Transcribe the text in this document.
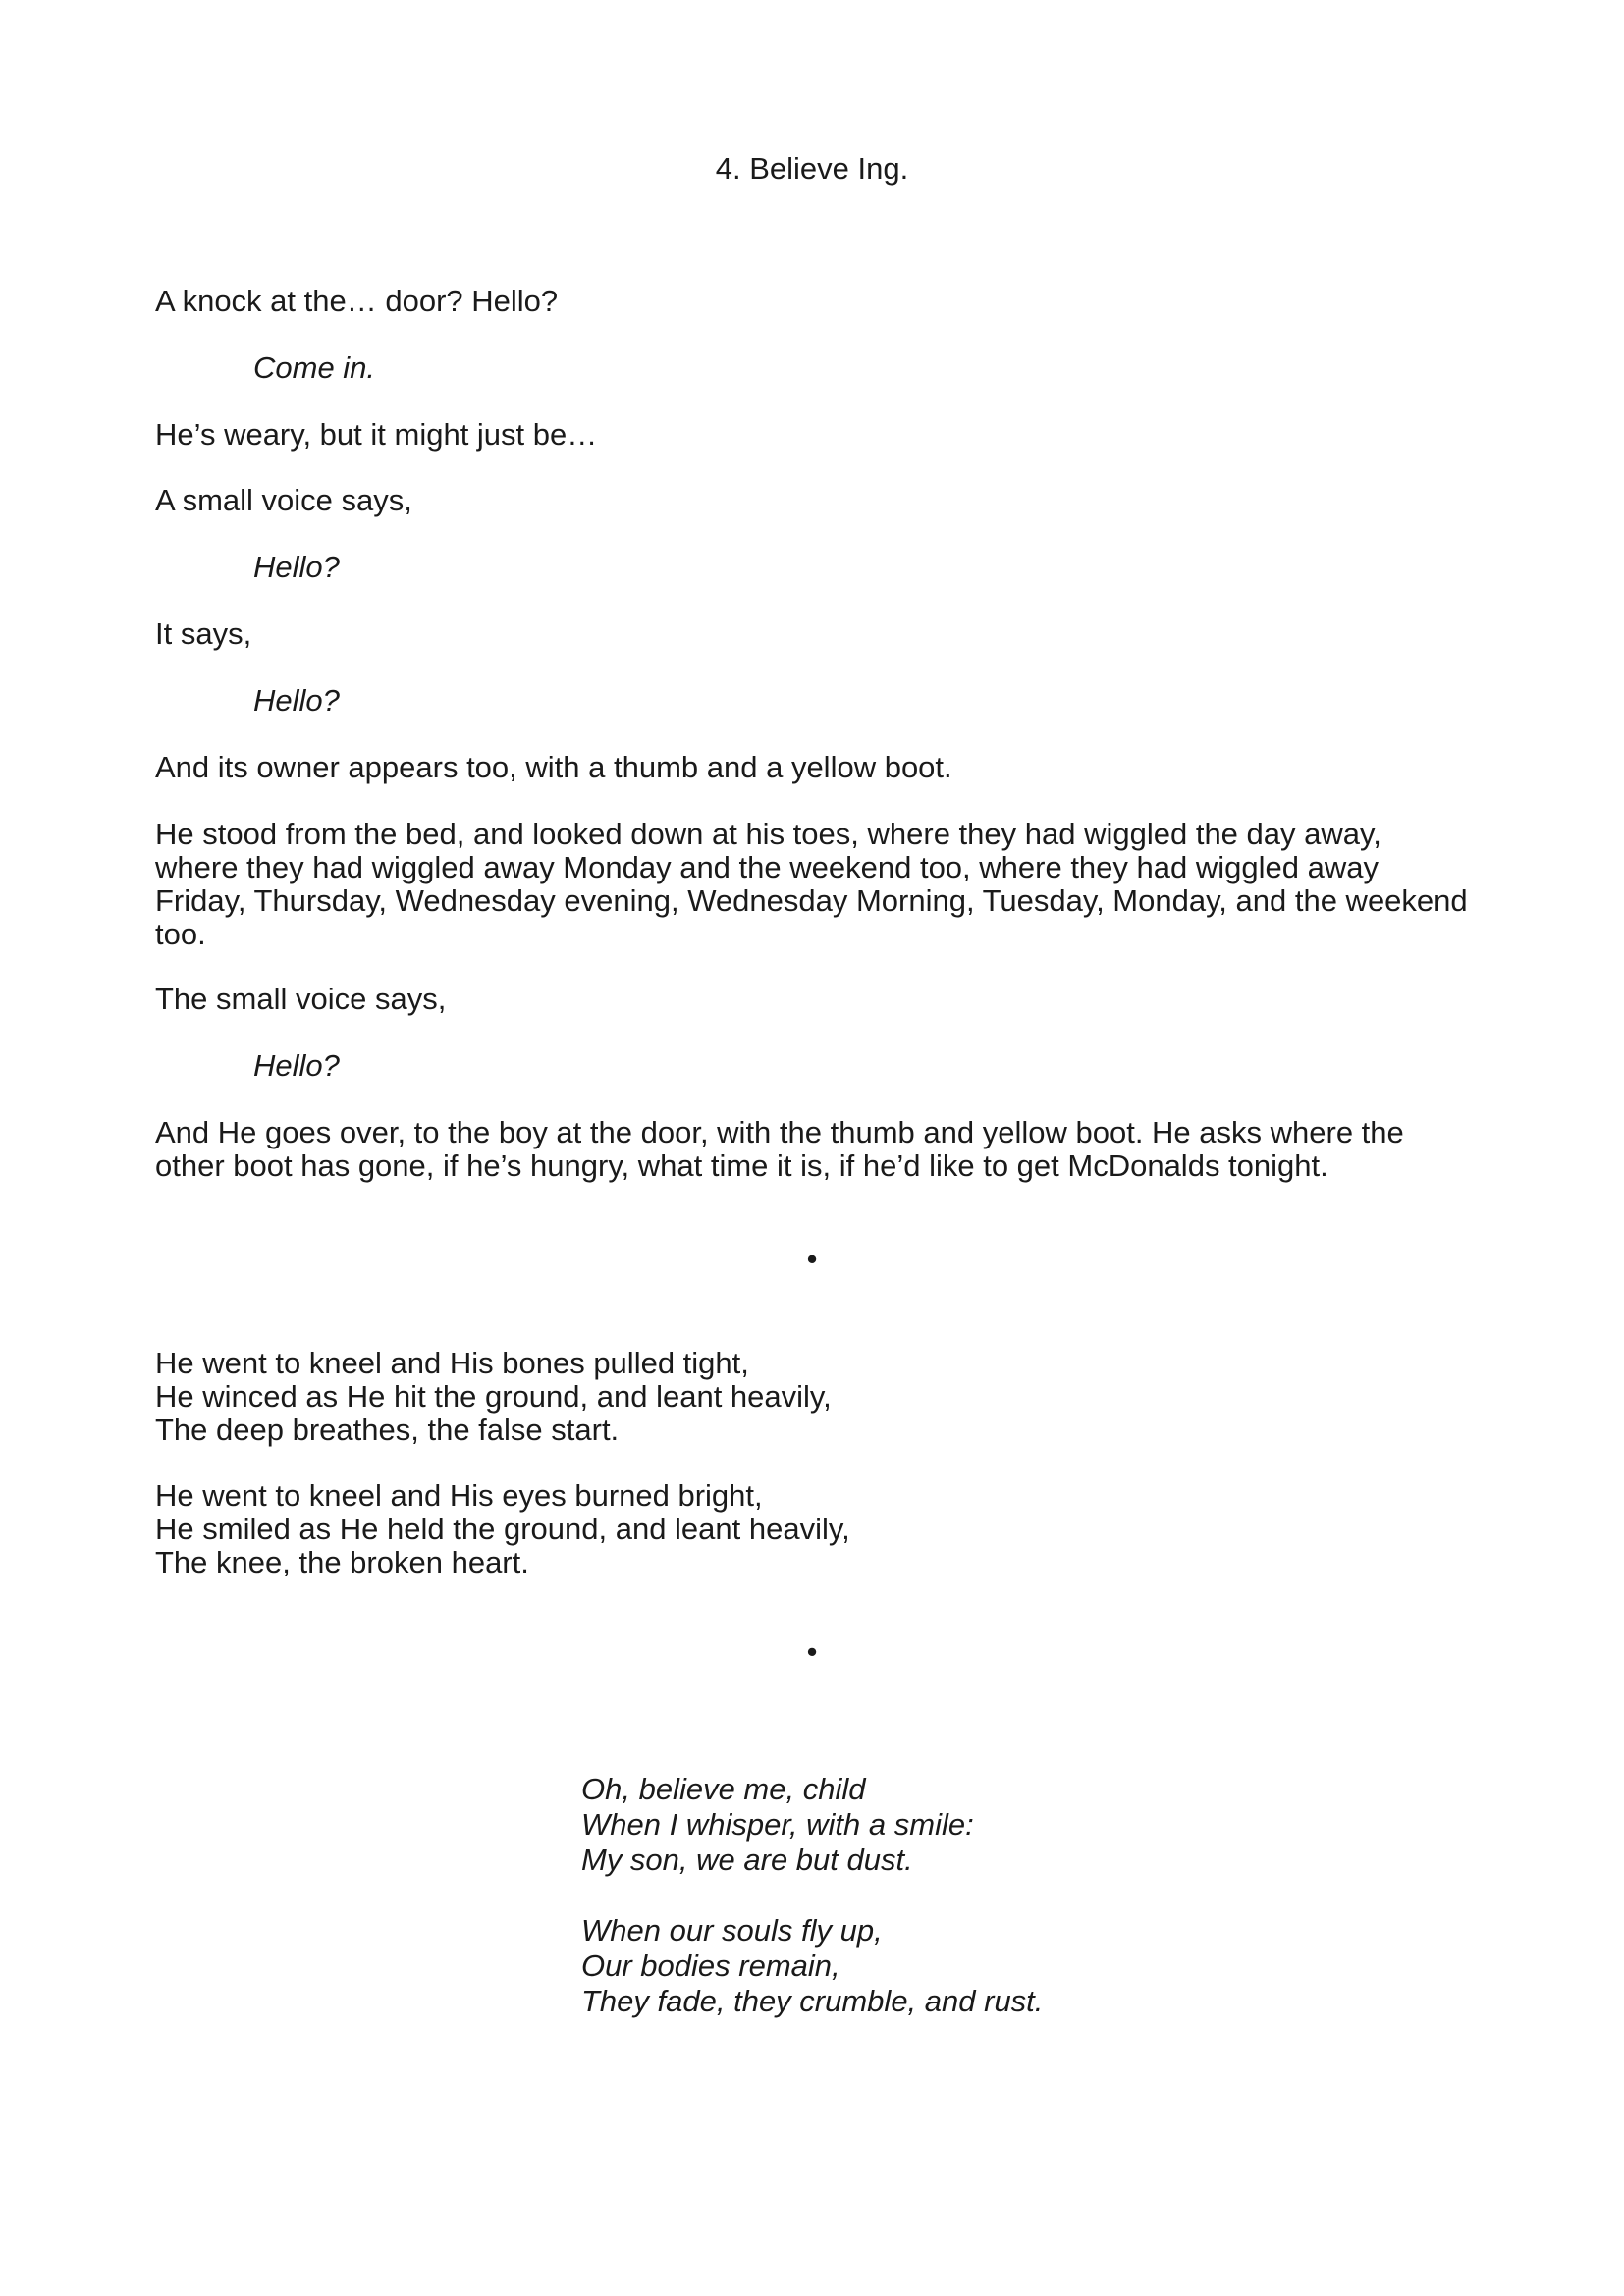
4. Believe Ing.

A knock at the… door? Hello?

Come in.

He’s weary, but it might just be…

A small voice says,

Hello?

It says,

Hello?

And its owner appears too, with a thumb and a yellow boot.

He stood from the bed, and looked down at his toes, where they had wiggled the day away, where they had wiggled away Monday and the weekend too, where they had wiggled away Friday, Thursday, Wednesday evening, Wednesday Morning, Tuesday, Monday, and the weekend too.

The small voice says,

Hello?

And He goes over, to the boy at the door, with the thumb and yellow boot. He asks where the other boot has gone, if he’s hungry, what time it is, if he’d like to get McDonalds tonight.

•

He went to kneel and His bones pulled tight,
He winced as He hit the ground, and leant heavily,
The deep breathes, the false start.

He went to kneel and His eyes burned bright,
He smiled as He held the ground, and leant heavily,
The knee, the broken heart.

•

Oh, believe me, child
When I whisper, with a smile:
My son, we are but dust.

When our souls fly up,
Our bodies remain,
They fade, they crumble, and rust.
